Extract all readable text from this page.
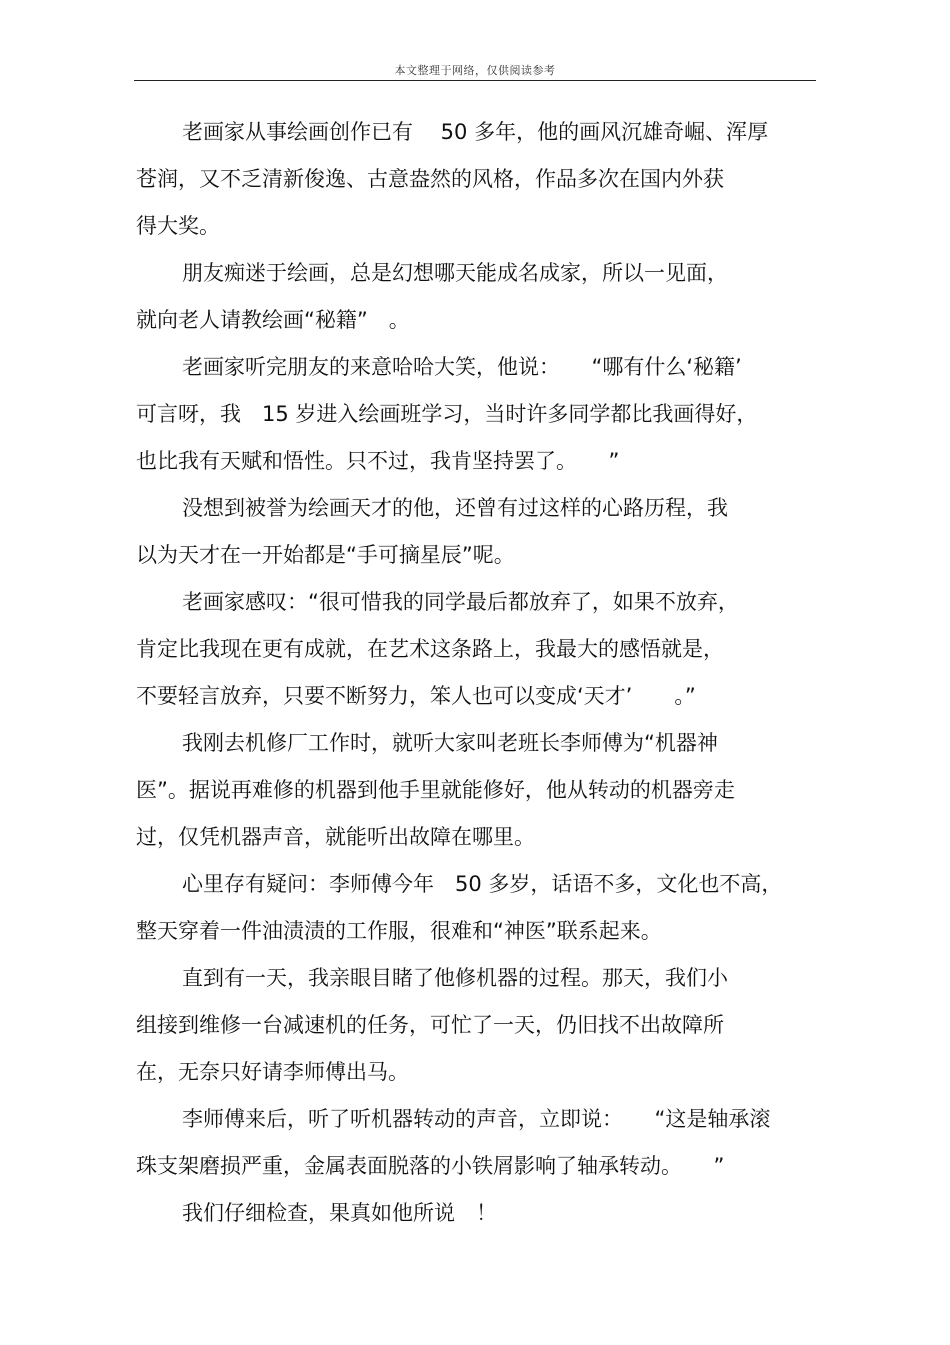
本文整理于网络，仅供阅读参考
老画家从事绘画创作已有　 50 多年，他的画风沉雄奇崛、浑厚
苍润，又不乏清新俊逸、古意盎然的风格，作品多次在国内外获
得大奖。
朋友痴迷于绘画，总是幻想哪天能成名成家，所以一见面，
就向老人请教绘画“秘籍”　。
老画家听完朋友的来意哈哈大笑，他说：　　“哪有什么‘秘籍’
可言呀，我　15 岁进入绘画班学习，当时许多同学都比我画得好，
也比我有天赋和悟性。只不过，我肯坚持罢了。　　”
没想到被誉为绘画天才的他，还曾有过这样的心路历程，我
以为天才在一开始都是“手可摘星辰”呢。
老画家感叹：“很可惜我的同学最后都放弃了，如果不放弃，
肯定比我现在更有成就，在艺术这条路上，我最大的感悟就是，
不要轻言放弃，只要不断努力，笨人也可以变成‘天才’　　。”
我刚去机修厂工作时，就听大家叫老班长李师傅为“机器神
医”。据说再难修的机器到他手里就能修好，他从转动的机器旁走
过，仅凭机器声音，就能听出故障在哪里。
心里存有疑问：李师傅今年　50 多岁，话语不多，文化也不高，
整天穿着一件油渍渍的工作服，很难和“神医”联系起来。
直到有一天，我亲眼目睹了他修机器的过程。那天，我们小
组接到维修一台减速机的任务，可忙了一天，仍旧找不出故障所
在，无奈只好请李师傅出马。
李师傅来后，听了听机器转动的声音，立即说：　　“这是轴承滚
珠支架磨损严重，金属表面脱落的小铁屑影响了轴承转动。　　”
我们仔细检查，果真如他所说　！
